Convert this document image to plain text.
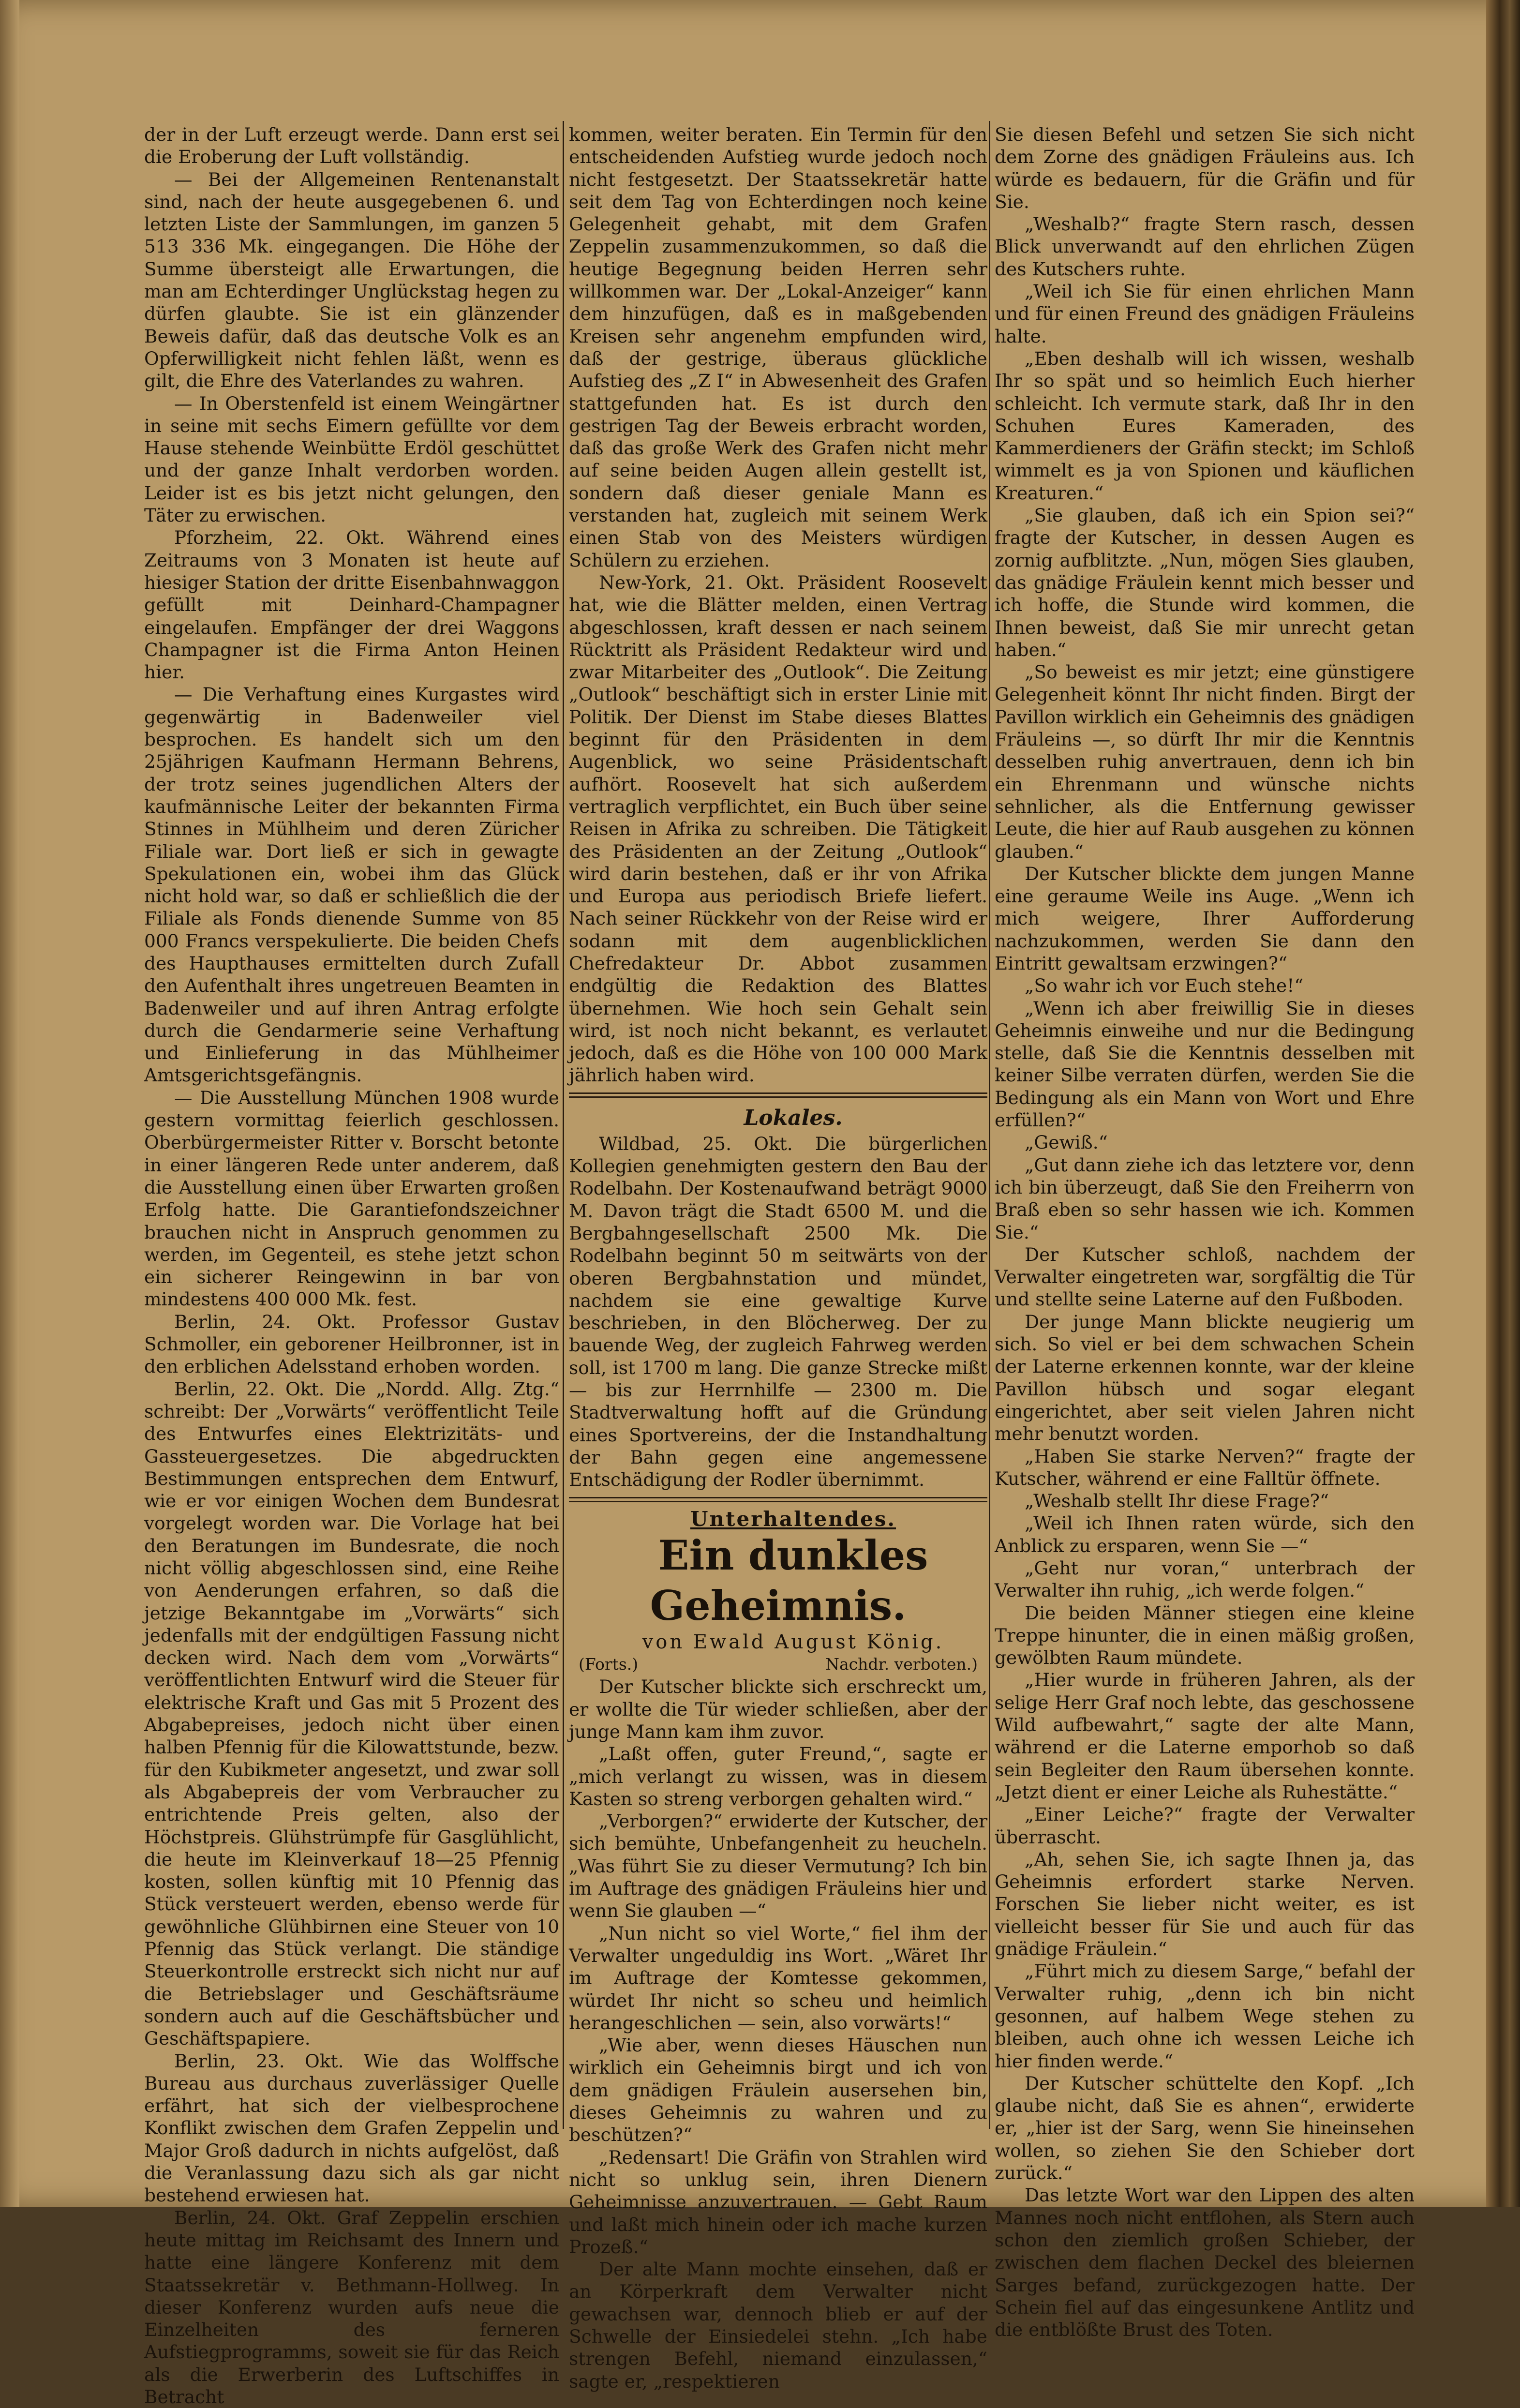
der in der Luft erzeugt werde. Dann erst sei die Eroberung der Luft vollständig.

— Bei der Allgemeinen Rentenanstalt sind, nach der heute ausgegebenen 6. und letzten Liste der Sammlungen, im ganzen 5 513 336 Mk. eingegangen. Die Höhe der Summe übersteigt alle Erwartungen, die man am Echterdinger Unglückstag hegen zu dürfen glaubte. Sie ist ein glänzender Beweis dafür, daß das deutsche Volk es an Opferwilligkeit nicht fehlen läßt, wenn es gilt, die Ehre des Vaterlandes zu wahren.

— In Oberstenfeld ist einem Weingärtner in seine mit sechs Eimern gefüllte vor dem Hause stehende Weinbütte Erdöl geschüttet und der ganze Inhalt verdorben worden. Leider ist es bis jetzt nicht gelungen, den Täter zu erwischen.

Pforzheim, 22. Okt. Während eines Zeitraums von 3 Monaten ist heute auf hiesiger Station der dritte Eisenbahnwaggon gefüllt mit Deinhard-Champagner eingelaufen. Empfänger der drei Waggons Champagner ist die Firma Anton Heinen hier.

— Die Verhaftung eines Kurgastes wird gegenwärtig in Badenweiler viel besprochen. Es handelt sich um den 25jährigen Kaufmann Hermann Behrens, der trotz seines jugendlichen Alters der kaufmännische Leiter der bekannten Firma Stinnes in Mühlheim und deren Züricher Filiale war. Dort ließ er sich in gewagte Spekulationen ein, wobei ihm das Glück nicht hold war, so daß er schließlich die der Filiale als Fonds dienende Summe von 85 000 Francs verspekulierte. Die beiden Chefs des Haupthauses ermittelten durch Zufall den Aufenthalt ihres ungetreuen Beamten in Badenweiler und auf ihren Antrag erfolgte durch die Gendarmerie seine Verhaftung und Einlieferung in das Mühlheimer Amtsgerichtsgefängnis.

— Die Ausstellung München 1908 wurde gestern vormittag feierlich geschlossen. Oberbürgermeister Ritter v. Borscht betonte in einer längeren Rede unter anderem, daß die Ausstellung einen über Erwarten großen Erfolg hatte. Die Garantiefondszeichner brauchen nicht in Anspruch genommen zu werden, im Gegenteil, es stehe jetzt schon ein sicherer Reingewinn in bar von mindestens 400 000 Mk. fest.

Berlin, 24. Okt. Professor Gustav Schmoller, ein geborener Heilbronner, ist in den erblichen Adelsstand erhoben worden.

Berlin, 22. Okt. Die „Nordd. Allg. Ztg.“ schreibt: Der „Vorwärts“ veröffentlicht Teile des Entwurfes eines Elektrizitäts- und Gassteuergesetzes. Die abgedruckten Bestimmungen entsprechen dem Entwurf, wie er vor einigen Wochen dem Bundesrat vorgelegt worden war. Die Vorlage hat bei den Beratungen im Bundesrate, die noch nicht völlig abgeschlossen sind, eine Reihe von Aenderungen erfahren, so daß die jetzige Bekanntgabe im „Vorwärts“ sich jedenfalls mit der endgültigen Fassung nicht decken wird. Nach dem vom „Vorwärts“ veröffentlichten Entwurf wird die Steuer für elektrische Kraft und Gas mit 5 Prozent des Abgabepreises, jedoch nicht über einen halben Pfennig für die Kilowattstunde, bezw. für den Kubikmeter angesetzt, und zwar soll als Abgabepreis der vom Verbraucher zu entrichtende Preis gelten, also der Höchstpreis. Glühstrümpfe für Gasglühlicht, die heute im Kleinverkauf 18—25 Pfennig kosten, sollen künftig mit 10 Pfennig das Stück versteuert werden, ebenso werde für gewöhnliche Glühbirnen eine Steuer von 10 Pfennig das Stück verlangt. Die ständige Steuerkontrolle erstreckt sich nicht nur auf die Betriebslager und Geschäftsräume sondern auch auf die Geschäftsbücher und Geschäftspapiere.

Berlin, 23. Okt. Wie das Wolffsche Bureau aus durchaus zuverlässiger Quelle erfährt, hat sich der vielbesprochene Konflikt zwischen dem Grafen Zeppelin und Major Groß dadurch in nichts aufgelöst, daß die Veranlassung dazu sich als gar nicht bestehend erwiesen hat.

Berlin, 24. Okt. Graf Zeppelin erschien heute mittag im Reichsamt des Innern und hatte eine längere Konferenz mit dem Staatssekretär v. Bethmann-Hollweg. In dieser Konferenz wurden aufs neue die Einzelheiten des ferneren Aufstiegprogramms, soweit sie für das Reich als die Erwerberin des Luftschiffes in Betracht

kommen, weiter beraten. Ein Termin für den entscheidenden Aufstieg wurde jedoch noch nicht festgesetzt. Der Staatssekretär hatte seit dem Tag von Echterdingen noch keine Gelegenheit gehabt, mit dem Grafen Zeppelin zusammenzukommen, so daß die heutige Begegnung beiden Herren sehr willkommen war. Der „Lokal-Anzeiger“ kann dem hinzufügen, daß es in maßgebenden Kreisen sehr angenehm empfunden wird, daß der gestrige, überaus glückliche Aufstieg des „Z I“ in Abwesenheit des Grafen stattgefunden hat. Es ist durch den gestrigen Tag der Beweis erbracht worden, daß das große Werk des Grafen nicht mehr auf seine beiden Augen allein gestellt ist, sondern daß dieser geniale Mann es verstanden hat, zugleich mit seinem Werk einen Stab von des Meisters würdigen Schülern zu erziehen.

New-York, 21. Okt. Präsident Roosevelt hat, wie die Blätter melden, einen Vertrag abgeschlossen, kraft dessen er nach seinem Rücktritt als Präsident Redakteur wird und zwar Mitarbeiter des „Outlook“. Die Zeitung „Outlook“ beschäftigt sich in erster Linie mit Politik. Der Dienst im Stabe dieses Blattes beginnt für den Präsidenten in dem Augenblick, wo seine Präsidentschaft aufhört. Roosevelt hat sich außerdem vertraglich verpflichtet, ein Buch über seine Reisen in Afrika zu schreiben. Die Tätigkeit des Präsidenten an der Zeitung „Outlook“ wird darin bestehen, daß er ihr von Afrika und Europa aus periodisch Briefe liefert. Nach seiner Rückkehr von der Reise wird er sodann mit dem augenblicklichen Chefredakteur Dr. Abbot zusammen endgültig die Redaktion des Blattes übernehmen. Wie hoch sein Gehalt sein wird, ist noch nicht bekannt, es verlautet jedoch, daß es die Höhe von 100 000 Mark jährlich haben wird.

Lokales.

Wildbad, 25. Okt. Die bürgerlichen Kollegien genehmigten gestern den Bau der Rodelbahn. Der Kostenaufwand beträgt 9000 M. Davon trägt die Stadt 6500 M. und die Bergbahngesellschaft 2500 Mk. Die Rodelbahn beginnt 50 m seitwärts von der oberen Bergbahnstation und mündet, nachdem sie eine gewaltige Kurve beschrieben, in den Blöcherweg. Der zu bauende Weg, der zugleich Fahrweg werden soll, ist 1700 m lang. Die ganze Strecke mißt — bis zur Herrnhilfe — 2300 m. Die Stadtverwaltung hofft auf die Gründung eines Sportvereins, der die Instandhaltung der Bahn gegen eine angemessene Entschädigung der Rodler übernimmt.

Unterhaltendes.

Ein dunkles Geheimnis.

von Ewald August König.

(Forts.)	Nachdr. verboten.)

Der Kutscher blickte sich erschreckt um, er wollte die Tür wieder schließen, aber der junge Mann kam ihm zuvor.

„Laßt offen, guter Freund,“, sagte er „mich verlangt zu wissen, was in diesem Kasten so streng verborgen gehalten wird.“

„Verborgen?“ erwiderte der Kutscher, der sich bemühte, Unbefangenheit zu heucheln. „Was führt Sie zu dieser Vermutung? Ich bin im Auftrage des gnädigen Fräuleins hier und wenn Sie glauben —“

„Nun nicht so viel Worte,“ fiel ihm der Verwalter ungeduldig ins Wort. „Wäret Ihr im Auftrage der Komtesse gekommen, würdet Ihr nicht so scheu und heimlich herangeschlichen — sein, also vorwärts!“

„Wie aber, wenn dieses Häuschen nun wirklich ein Geheimnis birgt und ich von dem gnädigen Fräulein ausersehen bin, dieses Geheimnis zu wahren und zu beschützen?“

„Redensart! Die Gräfin von Strahlen wird nicht so unklug sein, ihren Dienern Geheimnisse anzuvertrauen. — Gebt Raum und laßt mich hinein oder ich mache kurzen Prozeß.“

Der alte Mann mochte einsehen, daß er an Körperkraft dem Verwalter nicht gewachsen war, dennoch blieb er auf der Schwelle der Einsiedelei stehn. „Ich habe strengen Befehl, niemand einzulassen,“ sagte er, „respektieren

Sie diesen Befehl und setzen Sie sich nicht dem Zorne des gnädigen Fräuleins aus. Ich würde es bedauern, für die Gräfin und für Sie.

„Weshalb?“ fragte Stern rasch, dessen Blick unverwandt auf den ehrlichen Zügen des Kutschers ruhte.

„Weil ich Sie für einen ehrlichen Mann und für einen Freund des gnädigen Fräuleins halte.

„Eben deshalb will ich wissen, weshalb Ihr so spät und so heimlich Euch hierher schleicht. Ich vermute stark, daß Ihr in den Schuhen Eures Kameraden, des Kammerdieners der Gräfin steckt; im Schloß wimmelt es ja von Spionen und käuflichen Kreaturen.“

„Sie glauben, daß ich ein Spion sei?“ fragte der Kutscher, in dessen Augen es zornig aufblitzte. „Nun, mögen Sies glauben, das gnädige Fräulein kennt mich besser und ich hoffe, die Stunde wird kommen, die Ihnen beweist, daß Sie mir unrecht getan haben.“

„So beweist es mir jetzt; eine günstigere Gelegenheit könnt Ihr nicht finden. Birgt der Pavillon wirklich ein Geheimnis des gnädigen Fräuleins —, so dürft Ihr mir die Kenntnis desselben ruhig anvertrauen, denn ich bin ein Ehrenmann und wünsche nichts sehnlicher, als die Entfernung gewisser Leute, die hier auf Raub ausgehen zu können glauben.“

Der Kutscher blickte dem jungen Manne eine geraume Weile ins Auge. „Wenn ich mich weigere, Ihrer Aufforderung nachzukommen, werden Sie dann den Eintritt gewaltsam erzwingen?“

„So wahr ich vor Euch stehe!“

„Wenn ich aber freiwillig Sie in dieses Geheimnis einweihe und nur die Bedingung stelle, daß Sie die Kenntnis desselben mit keiner Silbe verraten dürfen, werden Sie die Bedingung als ein Mann von Wort und Ehre erfüllen?“

„Gewiß.“

„Gut dann ziehe ich das letztere vor, denn ich bin überzeugt, daß Sie den Freiherrn von Braß eben so sehr hassen wie ich. Kommen Sie.“

Der Kutscher schloß, nachdem der Verwalter eingetreten war, sorgfältig die Tür und stellte seine Laterne auf den Fußboden.

Der junge Mann blickte neugierig um sich. So viel er bei dem schwachen Schein der Laterne erkennen konnte, war der kleine Pavillon hübsch und sogar elegant eingerichtet, aber seit vielen Jahren nicht mehr benutzt worden.

„Haben Sie starke Nerven?“ fragte der Kutscher, während er eine Falltür öffnete.

„Weshalb stellt Ihr diese Frage?“

„Weil ich Ihnen raten würde, sich den Anblick zu ersparen, wenn Sie —“

„Geht nur voran,“ unterbrach der Verwalter ihn ruhig, „ich werde folgen.“

Die beiden Männer stiegen eine kleine Treppe hinunter, die in einen mäßig großen, gewölbten Raum mündete.

„Hier wurde in früheren Jahren, als der selige Herr Graf noch lebte, das geschossene Wild aufbewahrt,“ sagte der alte Mann, während er die Laterne emporhob so daß sein Begleiter den Raum übersehen konnte. „Jetzt dient er einer Leiche als Ruhestätte.“

„Einer Leiche?“ fragte der Verwalter überrascht.

„Ah, sehen Sie, ich sagte Ihnen ja, das Geheimnis erfordert starke Nerven. Forschen Sie lieber nicht weiter, es ist vielleicht besser für Sie und auch für das gnädige Fräulein.“

„Führt mich zu diesem Sarge,“ befahl der Verwalter ruhig, „denn ich bin nicht gesonnen, auf halbem Wege stehen zu bleiben, auch ohne ich wessen Leiche ich hier finden werde.“

Der Kutscher schüttelte den Kopf. „Ich glaube nicht, daß Sie es ahnen“, erwiderte er, „hier ist der Sarg, wenn Sie hineinsehen wollen, so ziehen Sie den Schieber dort zurück.“

Das letzte Wort war den Lippen des alten Mannes noch nicht entflohen, als Stern auch schon den ziemlich großen Schieber, der zwischen dem flachen Deckel des bleiernen Sarges befand, zurückgezogen hatte. Der Schein fiel auf das eingesunkene Antlitz und die entblößte Brust des Toten.
